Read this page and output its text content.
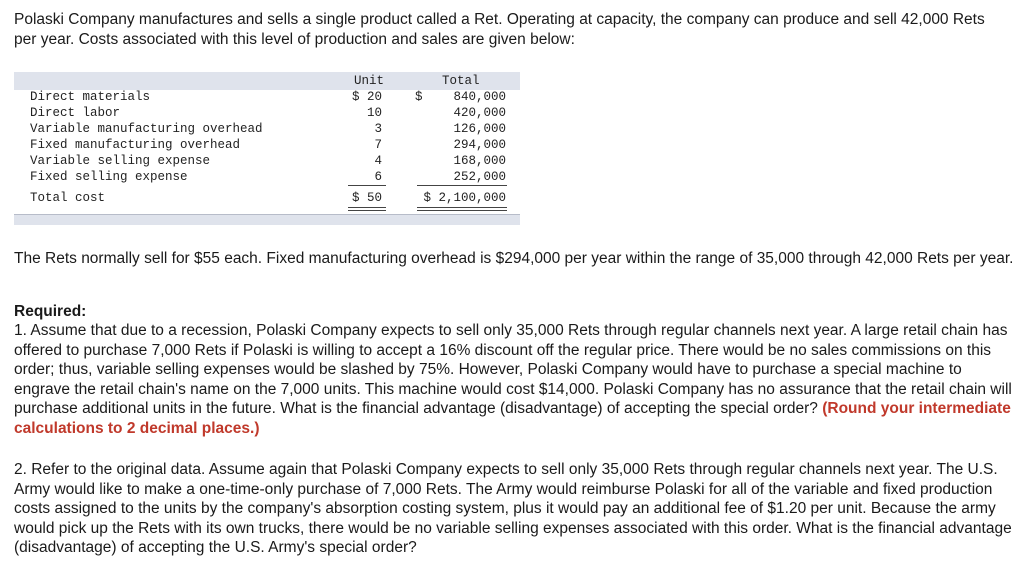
Polaski Company manufactures and sells a single product called a Ret. Operating at capacity, the company can produce and sell 42,000 Rets per year. Costs associated with this level of production and sales are given below:

Unit	Total
Direct materials	$ 20	$ 840,000
Direct labor	10	420,000
Variable manufacturing overhead	3	126,000
Fixed manufacturing overhead	7	294,000
Variable selling expense	4	168,000
Fixed selling expense	6	252,000
Total cost	$ 50	$ 2,100,000

The Rets normally sell for $55 each. Fixed manufacturing overhead is $294,000 per year within the range of 35,000 through 42,000 Rets per year.

Required:

1. Assume that due to a recession, Polaski Company expects to sell only 35,000 Rets through regular channels next year. A large retail chain has offered to purchase 7,000 Rets if Polaski is willing to accept a 16% discount off the regular price. There would be no sales commissions on this order; thus, variable selling expenses would be slashed by 75%. However, Polaski Company would have to purchase a special machine to engrave the retail chain's name on the 7,000 units. This machine would cost $14,000. Polaski Company has no assurance that the retail chain will purchase additional units in the future. What is the financial advantage (disadvantage) of accepting the special order? (Round your intermediate calculations to 2 decimal places.)

2. Refer to the original data. Assume again that Polaski Company expects to sell only 35,000 Rets through regular channels next year. The U.S. Army would like to make a one-time-only purchase of 7,000 Rets. The Army would reimburse Polaski for all of the variable and fixed production costs assigned to the units by the company's absorption costing system, plus it would pay an additional fee of $1.20 per unit. Because the army would pick up the Rets with its own trucks, there would be no variable selling expenses associated with this order. What is the financial advantage (disadvantage) of accepting the U.S. Army's special order?
